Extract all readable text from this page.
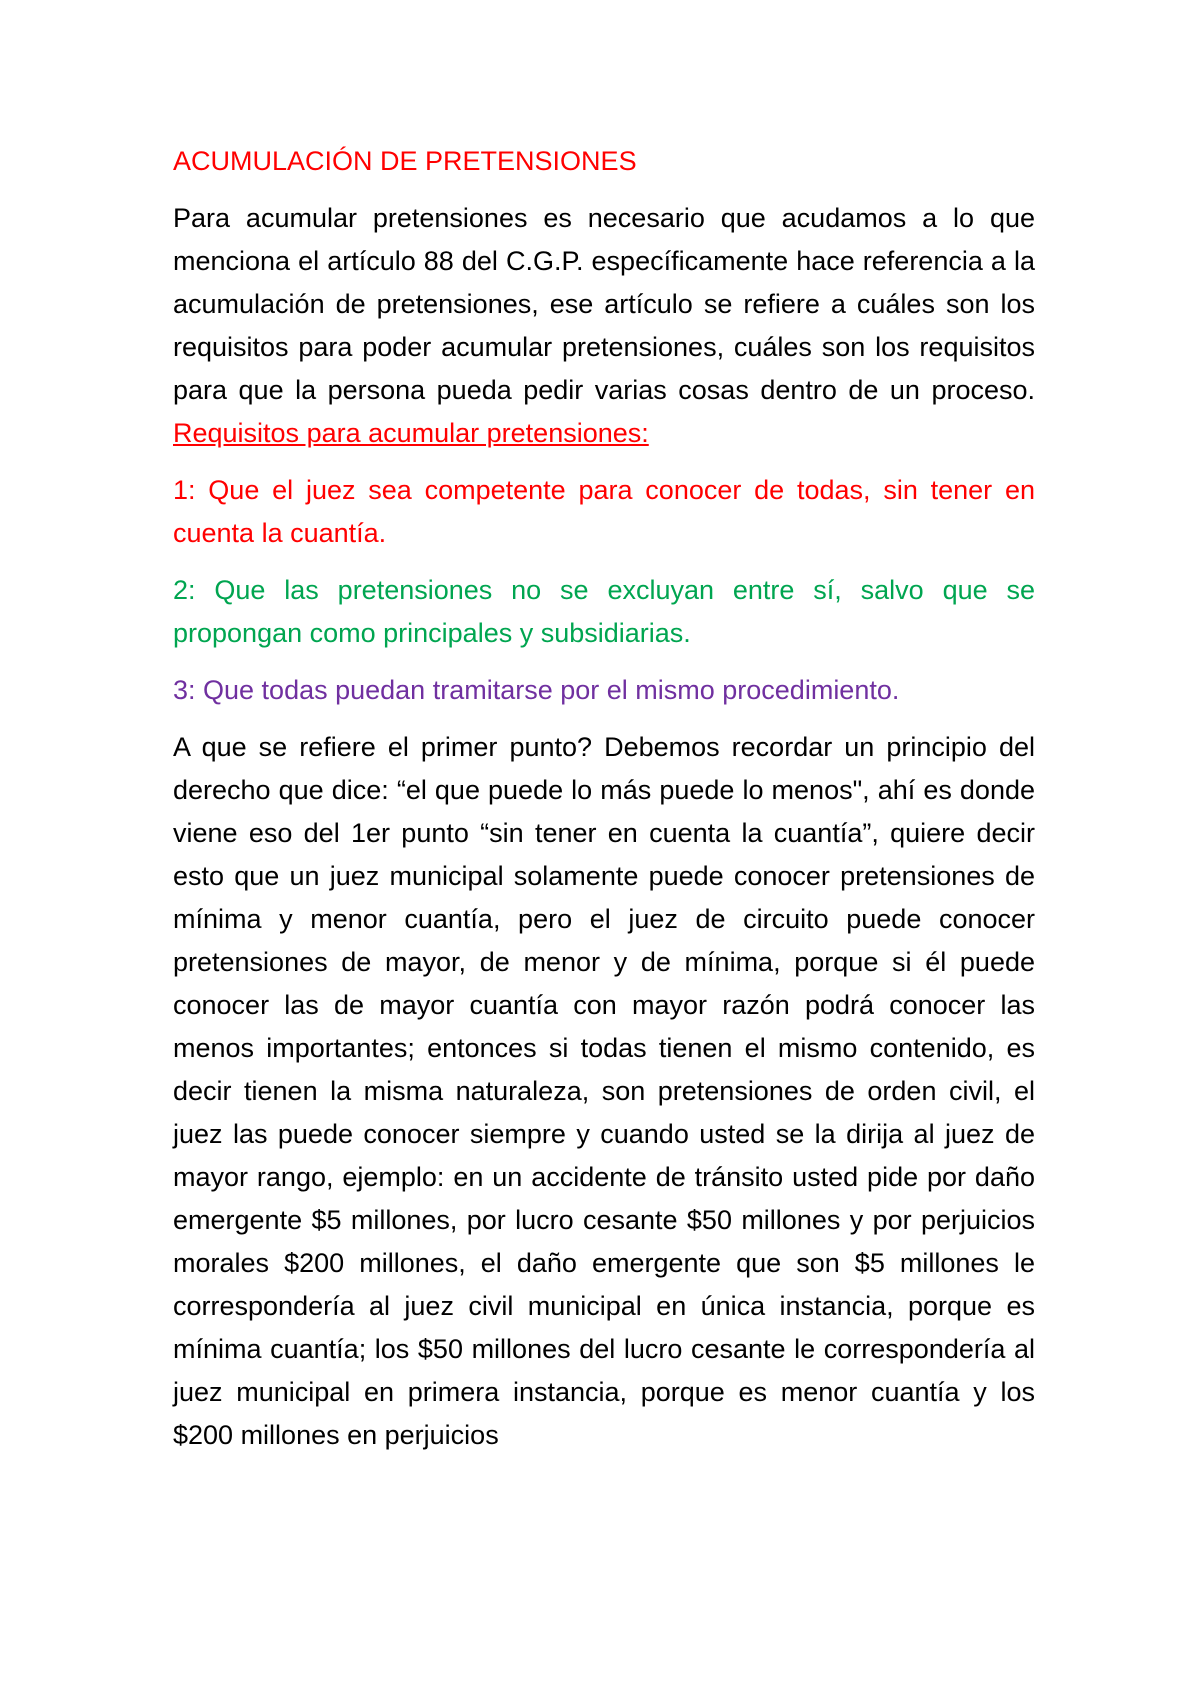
ACUMULACIÓN DE PRETENSIONES

Para acumular pretensiones es necesario que acudamos a lo que menciona el artículo 88 del C.G.P. específicamente hace referencia a la acumulación de pretensiones, ese artículo se refiere a cuáles son los requisitos para poder acumular pretensiones, cuáles son los requisitos para que la persona pueda pedir varias cosas dentro de un proceso. Requisitos para acumular pretensiones:

1: Que el juez sea competente para conocer de todas, sin tener en cuenta la cuantía.

2: Que las pretensiones no se excluyan entre sí, salvo que se propongan como principales y subsidiarias.

3: Que todas puedan tramitarse por el mismo procedimiento.

A que se refiere el primer punto? Debemos recordar un principio del derecho que dice: “el que puede lo más puede lo menos", ahí es donde viene eso del 1er punto “sin tener en cuenta la cuantía”, quiere decir esto que un juez municipal solamente puede conocer pretensiones de mínima y menor cuantía, pero el juez de circuito puede conocer pretensiones de mayor, de menor y de mínima, porque si él puede conocer las de mayor cuantía con mayor razón podrá conocer las menos importantes; entonces si todas tienen el mismo contenido, es decir tienen la misma naturaleza, son pretensiones de orden civil, el juez las puede conocer siempre y cuando usted se la dirija al juez de mayor rango, ejemplo: en un accidente de tránsito usted pide por daño emergente $5 millones, por lucro cesante $50 millones y por perjuicios morales $200 millones, el daño emergente que son $5 millones le correspondería al juez civil municipal en única instancia, porque es mínima cuantía; los $50 millones del lucro cesante le correspondería al juez municipal en primera instancia, porque es menor cuantía y los $200 millones en perjuicios
